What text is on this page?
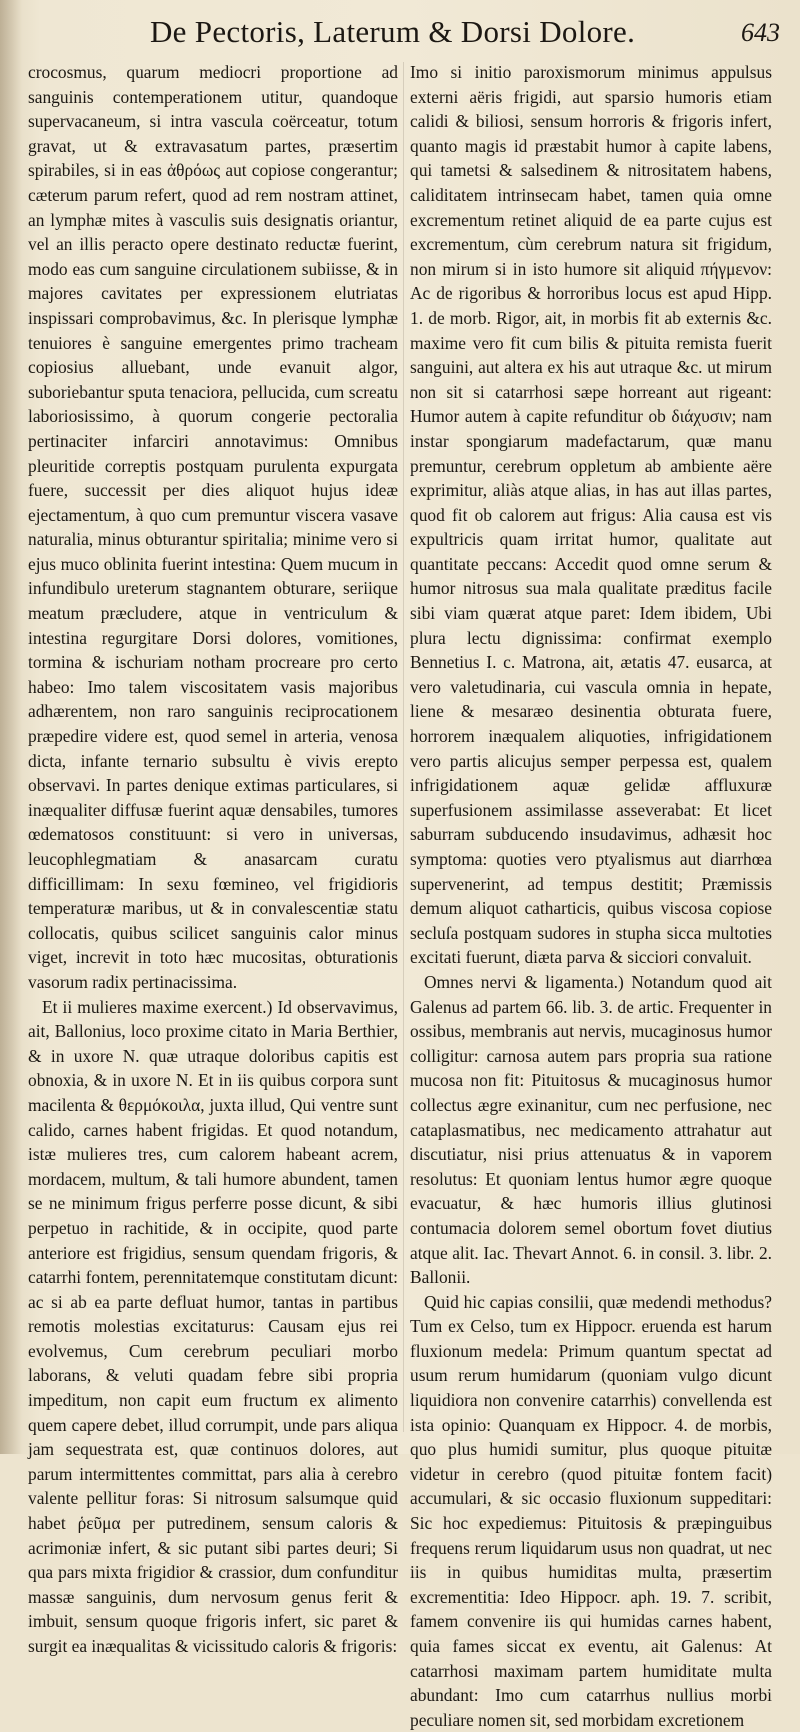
De Pectoris, Laterum & Dorsi Dolore.	643

crocosmus, quarum mediocri proportione ad sanguinis contemperationem utitur, quandoque supervacaneum, si intra vascula coërceatur, totum gravat, ut & extravasatum partes, præsertim spirabiles, si in eas ἀθρόως aut copiose congerantur; cæterum parum refert, quod ad rem nostram attinet, an lymphæ mites à vasculis suis designatis oriantur, vel an illis peracto opere destinato reductæ fuerint, modo eas cum sanguine circulationem subiisse, & in majores cavitates per expressionem elutriatas inspissari comprobavimus, &c. In plerisque lymphæ tenuiores è sanguine emergentes primo tracheam copiosius alluebant, unde evanuit algor, suboriebantur sputa tenaciora, pellucida, cum screatu laboriosissimo, à quorum congerie pectoralia pertinaciter infarciri annotavimus: Omnibus pleuritide correptis postquam purulenta expurgata fuere, successit per dies aliquot hujus ideæ ejectamentum, à quo cum premuntur viscera vasave naturalia, minus obturantur spiritalia; minime vero si ejus muco oblinita fuerint intestina: Quem mucum in infundibulo ureterum stagnantem obturare, seriique meatum præcludere, atque in ventriculum & intestina regurgitare Dorsi dolores, vomitiones, tormina & ischuriam notham procreare pro certo habeo: Imo talem viscositatem vasis majoribus adhærentem, non raro sanguinis reciprocationem præpedire videre est, quod semel in arteria, venosa dicta, infante ternario subsultu è vivis erepto observavi. In partes denique extimas particulares, si inæqualiter diffusæ fuerint aquæ densabiles, tumores œdematosos constituunt: si vero in universas, leucophlegmatiam & anasarcam curatu difficillimam: In sexu fœmineo, vel frigidioris temperaturæ maribus, ut & in convalescentiæ statu collocatis, quibus scilicet sanguinis calor minus viget, increvit in toto hæc mucositas, obturationis vasorum radix pertinacissima.

Et ii mulieres maxime exercent.) Id observavimus, ait, Ballonius, loco proxime citato in Maria Berthier, & in uxore N. quæ utraque doloribus capitis est obnoxia, & in uxore N. Et in iis quibus corpora sunt macilenta & θερμόκοιλα, juxta illud, Qui ventre sunt calido, carnes habent frigidas. Et quod notandum, istæ mulieres tres, cum calorem habeant acrem, mordacem, multum, & tali humore abundent, tamen se ne minimum frigus perferre posse dicunt, & sibi perpetuo in rachitide, & in occipite, quod parte anteriore est frigidius, sensum quendam frigoris, & catarrhi fontem, perennitatemque constitutam dicunt: ac si ab ea parte defluat humor, tantas in partibus remotis molestias excitaturus: Causam ejus rei evolvemus, Cum cerebrum peculiari morbo laborans, & veluti quadam febre sibi propria impeditum, non capit eum fructum ex alimento quem capere debet, illud corrumpit, unde pars aliqua jam sequestrata est, quæ continuos dolores, aut parum intermittentes committat, pars alia à cerebro valente pellitur foras: Si nitrosum salsumque quid habet ῥεῦμα per putredinem, sensum caloris & acrimoniæ infert, & sic putant sibi partes deuri; Si qua pars mixta frigidior & crassior, dum confunditur massæ sanguinis, dum nervosum genus ferit & imbuit, sensum quoque frigoris infert, sic paret & surgit ea inæqualitas & vicissitudo caloris & frigoris:

Imo si initio paroxismorum minimus appulsus externi aëris frigidi, aut sparsio humoris etiam calidi & biliosi, sensum horroris & frigoris infert, quanto magis id præstabit humor à capite labens, qui tametsi & salsedinem & nitrositatem habens, caliditatem intrinsecam habet, tamen quia omne excrementum retinet aliquid de ea parte cujus est excrementum, cùm cerebrum natura sit frigidum, non mirum si in isto humore sit aliquid πήγμενον: Ac de rigoribus & horroribus locus est apud Hipp. 1. de morb. Rigor, ait, in morbis fit ab externis &c. maxime vero fit cum bilis & pituita remista fuerit sanguini, aut altera ex his aut utraque &c. ut mirum non sit si catarrhosi sæpe horreant aut rigeant: Humor autem à capite refunditur ob διάχυσιν; nam instar spongiarum madefactarum, quæ manu premuntur, cerebrum oppletum ab ambiente aëre exprimitur, aliàs atque alias, in has aut illas partes, quod fit ob calorem aut frigus: Alia causa est vis expultricis quam irritat humor, qualitate aut quantitate peccans: Accedit quod omne serum & humor nitrosus sua mala qualitate præditus facile sibi viam quærat atque paret: Idem ibidem, Ubi plura lectu dignissima: confirmat exemplo Bennetius I. c. Matrona, ait, ætatis 47. eusarca, at vero valetudinaria, cui vascula omnia in hepate, liene & mesaræo desinentia obturata fuere, horrorem inæqualem aliquoties, infrigidationem vero partis alicujus semper perpessa est, qualem infrigidationem aquæ gelidæ affluxuræ superfusionem assimilasse asseverabat: Et licet saburram subducendo insudavimus, adhæsit hoc symptoma: quoties vero ptyalismus aut diarrhœa supervenerint, ad tempus destitit; Præmissis demum aliquot catharticis, quibus viscosa copiose secluſa postquam sudores in stupha sicca multoties excitati fuerunt, diæta parva & sicciori convaluit.

Omnes nervi & ligamenta.) Notandum quod ait Galenus ad partem 66. lib. 3. de artic. Frequenter in ossibus, membranis aut nervis, mucaginosus humor colligitur: carnosa autem pars propria sua ratione mucosa non fit: Pituitosus & mucaginosus humor collectus ægre exinanitur, cum nec perfusione, nec cataplasmatibus, nec medicamento attrahatur aut discutiatur, nisi prius attenuatus & in vaporem resolutus: Et quoniam lentus humor ægre quoque evacuatur, & hæc humoris illius glutinosi contumacia dolorem semel obortum fovet diutius atque alit. Iac. Thevart Annot. 6. in consil. 3. libr. 2. Ballonii.

Quid hic capias consilii, quæ medendi methodus? Tum ex Celso, tum ex Hippocr. eruenda est harum fluxionum medela: Primum quantum spectat ad usum rerum humidarum (quoniam vulgo dicunt liquidiora non convenire catarrhis) convellenda est ista opinio: Quanquam ex Hippocr. 4. de morbis, quo plus humidi sumitur, plus quoque pituitæ videtur in cerebro (quod pituitæ fontem facit) accumulari, & sic occasio fluxionum suppeditari: Sic hoc expediemus: Pituitosis & præpinguibus frequens rerum liquidarum usus non quadrat, ut nec iis in quibus humiditas multa, præsertim excrementitia: Ideo Hippocr. aph. 19. 7. scribit, famem convenire iis qui humidas carnes habent, quia fames siccat ex eventu, ait Galenus: At catarrhosi maximam partem humiditate multa abundant: Imo cum catarrhus nullius morbi peculiare nomen sit, sed morbidam excretionem
